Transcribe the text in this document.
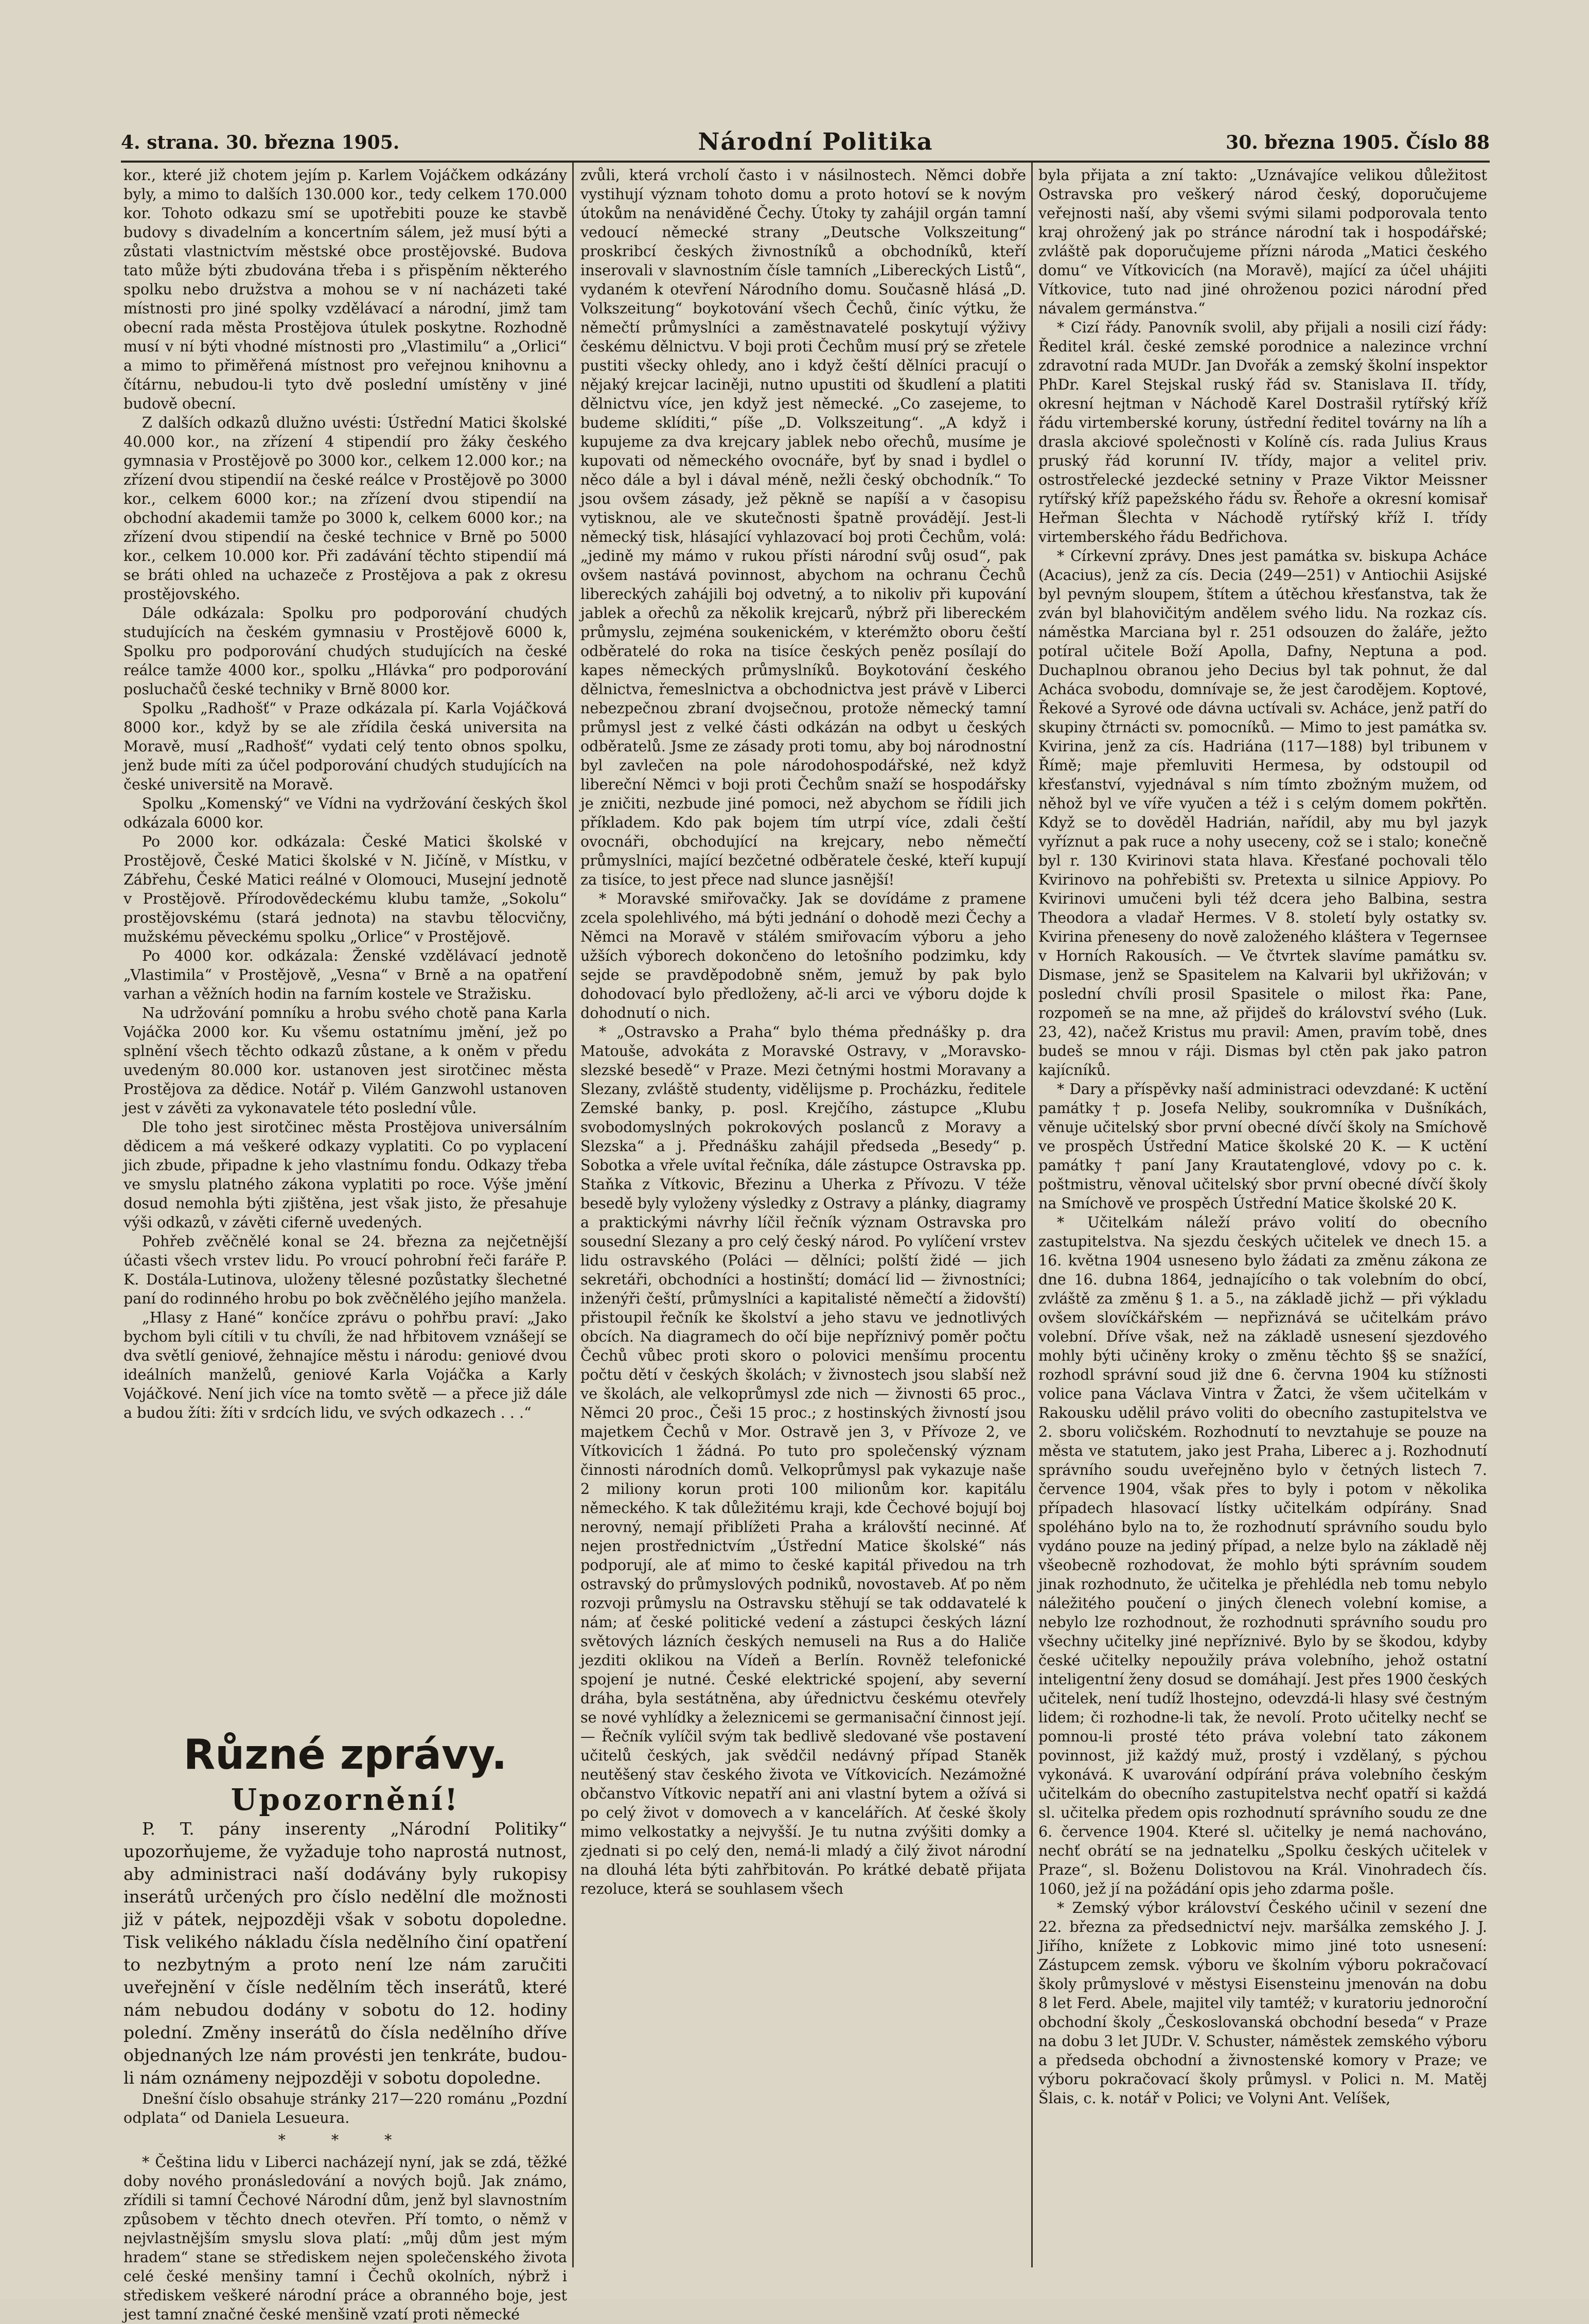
4. strana. 30. března 1905.	Národní Politika	30. března 1905. Číslo 88

kor., které již chotem jejím p. Karlem Vojáčkem odkázány byly, a mimo to dalších 130.000 kor., tedy celkem 170.000 kor. Tohoto odkazu smí se upotřebiti pouze ke stavbě budovy s divadelním a koncertním sálem, jež musí býti a zůstati vlastnictvím městské obce prostějovské. Budova tato může býti zbudována třeba i s přispěním některého spolku nebo družstva a mohou se v ní nacházeti také místnosti pro jiné spolky vzdělávací a národní, jimž tam obecní rada města Prostějova útulek poskytne. Rozhodně musí v ní býti vhodné místnosti pro „Vlastimilu“ a „Orlici“ a mimo to přiměřená místnost pro veřejnou knihovnu a čítárnu, nebudou-li tyto dvě poslední umístěny v jiné budově obecní.

Z dalších odkazů dlužno uvésti: Ústřední Matici školské 40.000 kor., na zřízení 4 stipendií pro žáky českého gymnasia v Prostějově po 3000 kor., celkem 12.000 kor.; na zřízení dvou stipendií na české reálce v Prostějově po 3000 kor., celkem 6000 kor.; na zřízení dvou stipendií na obchodní akademii tamže po 3000 k, celkem 6000 kor.; na zřízení dvou stipendií na české technice v Brně po 5000 kor., celkem 10.000 kor. Při zadávání těchto stipendií má se bráti ohled na uchazeče z Prostějova a pak z okresu prostějovského.

Dále odkázala: Spolku pro podporování chudých studujících na českém gymnasiu v Prostějově 6000 k, Spolku pro podporování chudých studujících na české reálce tamže 4000 kor., spolku „Hlávka“ pro podporování posluchačů české techniky v Brně 8000 kor.

Spolku „Radhošť“ v Praze odkázala pí. Karla Vojáčková 8000 kor., když by se ale zřídila česká universita na Moravě, musí „Radhošť“ vydati celý tento obnos spolku, jenž bude míti za účel podporování chudých studujících na české universitě na Moravě.

Spolku „Komenský“ ve Vídni na vydržování českých škol odkázala 6000 kor.

Po 2000 kor. odkázala: České Matici školské v Prostějově, České Matici školské v N. Jičíně, v Místku, v Zábřehu, České Matici reálné v Olomouci, Musejní jednotě v Prostějově. Přírodovědeckému klubu tamže, „Sokolu“ prostějovskému (stará jednota) na stavbu tělocvičny, mužskému pěveckému spolku „Orlice“ v Prostějově.

Po 4000 kor. odkázala: Ženské vzdělávací jednotě „Vlastimila“ v Prostějově, „Vesna“ v Brně a na opatření varhan a věžních hodin na farním kostele ve Stražisku.

Na udržování pomníku a hrobu svého chotě pana Karla Vojáčka 2000 kor. Ku všemu ostatnímu jmění, jež po splnění všech těchto odkazů zůstane, a k oněm v předu uvedeným 80.000 kor. ustanoven jest sirotčinec města Prostějova za dědice. Notář p. Vilém Ganzwohl ustanoven jest v závěti za vykonavatele této poslední vůle.

Dle toho jest sirotčinec města Prostějova universálním dědicem a má veškeré odkazy vyplatiti. Co po vyplacení jich zbude, připadne k jeho vlastnímu fondu. Odkazy třeba ve smyslu platného zákona vyplatiti po roce. Výše jmění dosud nemohla býti zjištěna, jest však jisto, že přesahuje výši odkazů, v závěti ciferně uvedených.

Pohřeb zvěčnělé konal se 24. března za nejčetnější účasti všech vrstev lidu. Po vroucí pohrobní řeči faráře P. K. Dostála-Lutinova, uloženy tělesné pozůstatky šlechetné paní do rodinného hrobu po bok zvěčnělého jejího manžela.

„Hlasy z Hané“ končíce zprávu o pohřbu praví: „Jako bychom byli cítili v tu chvíli, že nad hřbitovem vznášejí se dva světlí geniové, žehnajíce městu i národu: geniové dvou ideálních manželů, geniové Karla Vojáčka a Karly Vojáčkové. Není jich více na tomto světě — a přece již dále a budou žíti: žíti v srdcích lidu, ve svých odkazech . . .“

Různé zprávy.

Upozornění!

P. T. pány inserenty „Národní Politiky“ upozorňujeme, že vyžaduje toho naprostá nutnost, aby administraci naší dodávány byly rukopisy inserátů určených pro číslo nedělní dle možnosti již v pátek, nejpozději však v sobotu dopoledne. Tisk velikého nákladu čísla nedělního činí opatření to nezbytným a proto není lze nám zaručiti uveřejnění v čísle nedělním těch inserátů, které nám nebudou dodány v sobotu do 12. hodiny polední. Změny inserátů do čísla nedělního dříve objednaných lze nám provésti jen tenkráte, budou-li nám oznámeny nejpozději v sobotu dopoledne.

Dnešní číslo obsahuje stránky 217—220 románu „Pozdní odplata“ od Daniela Lesueura.

* * *

* Čeština lidu v Liberci nacházejí nyní, jak se zdá, těžké doby nového pronásledování a nových bojů. Jak známo, zřídili si tamní Čechové Národní dům, jenž byl slavnostním způsobem v těchto dnech otevřen. Pří tomto, o němž v nejvlastnějším smyslu slova platí: „můj dům jest mým hradem“ stane se střediskem nejen společenského života celé české menšiny tamní i Čechů okolních, nýbrž i střediskem veškeré národní práce a obranného boje, jest jest tamní značné české menšině vzatí proti německé

zvůli, která vrcholí často i v násilnostech. Němci dobře vystihují význam tohoto domu a proto hotoví se k novým útokům na nenáviděné Čechy. Útoky ty zahájil orgán tamní vedoucí německé strany „Deutsche Volkszeitung“ proskribcí českých živnostníků a obchodníků, kteří inserovali v slavnostním čísle tamních „Libereckých Listů“, vydaném k otevření Národního domu. Současně hlásá „D. Volkszeitung“ boykotování všech Čechů, činíc výtku, že němečtí průmyslníci a zaměstnavatelé poskytují výživy českému dělnictvu. V boji proti Čechům musí prý se zřetele pustiti všecky ohledy, ano i když čeští dělníci pracují o nějaký krejcar laciněji, nutno upustiti od škudlení a platiti dělnictvu více, jen když jest německé. „Co zasejeme, to budeme sklíditi,“ píše „D. Volkszeitung“. „A když i kupujeme za dva krejcary jablek nebo ořechů, musíme je kupovati od německého ovocnáře, byť by snad i bydlel o něco dále a byl i dával méně, nežli český obchodník.“ To jsou ovšem zásady, jež pěkně se napíší a v časopisu vytisknou, ale ve skutečnosti špatně provádějí. Jest-li německý tisk, hlásající vyhlazovací boj proti Čechům, volá: „jedině my mámo v rukou přísti národní svůj osud“, pak ovšem nastává povinnost, abychom na ochranu Čechů libereckých zahájili boj odvetný, a to nikoliv při kupování jablek a ořechů za několik krejcarů, nýbrž při libereckém průmyslu, zejména soukenickém, v kterémžto oboru čeští odběratelé do roka na tisíce českých peněz posílají do kapes německých průmyslníků. Boykotování českého dělnictva, řemeslnictva a obchodnictva jest právě v Liberci nebezpečnou zbraní dvojsečnou, protože německý tamní průmysl jest z velké části odkázán na odbyt u českých odběratelů. Jsme ze zásady proti tomu, aby boj národnostní byl zavlečen na pole národohospodářské, než když libereční Němci v boji proti Čechům snaží se hospodářsky je zničiti, nezbude jiné pomoci, než abychom se řídili jich příkladem. Kdo pak bojem tím utrpí více, zdali čeští ovocnáři, obchodující na krejcary, nebo němečtí průmyslníci, mající bezčetné odběratele české, kteří kupují za tisíce, to jest přece nad slunce jasnější!

* Moravské smiřovačky. Jak se dovídáme z pramene zcela spolehlivého, má býti jednání o dohodě mezi Čechy a Němci na Moravě v stálém smiřovacím výboru a jeho užších výborech dokončeno do letošního podzimku, kdy sejde se pravděpodobně sněm, jemuž by pak bylo dohodovací bylo předloženy, ač-li arci ve výboru dojde k dohodnutí o nich.

* „Ostravsko a Praha“ bylo théma přednášky p. dra Matouše, advokáta z Moravské Ostravy, v „Moravsko-slezské besedě“ v Praze. Mezi četnými hostmi Moravany a Slezany, zvláště studenty, vidělijsme p. Procházku, ředitele Zemské banky, p. posl. Krejčího, zástupce „Klubu svobodomyslných pokrokových poslanců z Moravy a Slezska“ a j. Přednášku zahájil předseda „Besedy“ p. Sobotka a vřele uvítal řečníka, dále zástupce Ostravska pp. Staňka z Vítkovic, Březinu a Uherka z Přívozu. V téže besedě byly vyloženy výsledky z Ostravy a plánky, diagramy a praktickými návrhy líčil řečník význam Ostravska pro sousední Slezany a pro celý český národ. Po vylíčení vrstev lidu ostravského (Poláci — dělníci; polští židé — jich sekretáři, obchodníci a hostinští; domácí lid — živnostníci; inženýři čeští, průmyslníci a kapitalisté němečtí a židovští) přistoupil řečník ke školství a jeho stavu ve jednotlivých obcích. Na diagramech do očí bije nepříznivý poměr počtu Čechů vůbec proti skoro o polovici menšímu procentu počtu dětí v českých školách; v živnostech jsou slabší než ve školách, ale velkoprůmysl zde nich — živnosti 65 proc., Němci 20 proc., Češi 15 proc.; z hostinských živností jsou majetkem Čechů v Mor. Ostravě jen 3, v Přívoze 2, ve Vítkovicích 1 žádná. Po tuto pro společenský význam činnosti národních domů. Velkoprůmysl pak vykazuje naše 2 miliony korun proti 100 milionům kor. kapitálu německého. K tak důležitému kraji, kde Čechové bojují boj nerovný, nemají přiblížeti Praha a královští necinné. Ať nejen prostřednictvím „Ústřední Matice školské“ nás podporují, ale ať mimo to české kapitál přivedou na trh ostravský do průmyslových podniků, novostaveb. Ať po něm rozvoji průmyslu na Ostravsku stěhují se tak oddavatelé k nám; ať české politické vedení a zástupci českých lázní světových lázních českých nemuseli na Rus a do Haliče jezditi oklikou na Vídeň a Berlín. Rovněž telefonické spojení je nutné. České elektrické spojení, aby severní dráha, byla sestátněna, aby úřednictvu českému otevřely se nové vyhlídky a železnicemi se germanisační činnost její. — Řečník vylíčil svým tak bedlivě sledované vše postavení učitelů českých, jak svědčil nedávný případ Staněk neutěšený stav českého života ve Vítkovicích. Nezámožné občanstvo Vítkovic nepatří ani ani vlastní bytem a ožívá si po celý život v domovech a v kancelářích. Ať české školy mimo velkostatky a nejvyšší. Je tu nutna zvýšiti domky a zjednati si po celý den, nemá-li mladý a čilý život národní na dlouhá léta býti zahřbitován. Po krátké debatě přijata rezoluce, která se souhlasem všech

byla přijata a zní takto: „Uznávajíce velikou důležitost Ostravska pro veškerý národ český, doporučujeme veřejnosti naší, aby všemi svými silami podporovala tento kraj ohrožený jak po stránce národní tak i hospodářské; zvláště pak doporučujeme přízni národa „Matici českého domu“ ve Vítkovicích (na Moravě), mající za účel uhájiti Vítkovice, tuto nad jiné ohroženou pozici národní před návalem germánstva.“

* Cizí řády. Panovník svolil, aby přijali a nosili cizí řády: Ředitel král. české zemské porodnice a nalezince vrchní zdravotní rada MUDr. Jan Dvořák a zemský školní inspektor PhDr. Karel Stejskal ruský řád sv. Stanislava II. třídy, okresní hejtman v Náchodě Karel Dostrašil rytířský kříž řádu virtemberské koruny, ústřední ředitel továrny na líh a drasla akciové společnosti v Kolíně cís. rada Julius Kraus pruský řád korunní IV. třídy, major a velitel priv. ostrostřelecké jezdecké setniny v Praze Viktor Meissner rytířský kříž papežského řádu sv. Řehoře a okresní komisař Heřman Šlechta v Náchodě rytířský kříž I. třídy virtemberského řádu Bedřichova.

* Církevní zprávy. Dnes jest památka sv. biskupa Acháce (Acacius), jenž za cís. Decia (249—251) v Antiochii Asijské byl pevným sloupem, štítem a útěchou křesťanstva, tak že zván byl blahovičitým andělem svého lidu. Na rozkaz cís. náměstka Marciana byl r. 251 odsouzen do žaláře, ježto potíral učitele Boží Apolla, Dafny, Neptuna a pod. Duchaplnou obranou jeho Decius byl tak pohnut, že dal Acháca svobodu, domnívaje se, že jest čarodějem. Koptové, Řekové a Syrové ode dávna uctívali sv. Acháce, jenž patří do skupiny čtrnácti sv. pomocníků. — Mimo to jest památka sv. Kvirina, jenž za cís. Hadriána (117—188) byl tribunem v Římě; maje přemluviti Hermesa, by odstoupil od křesťanství, vyjednával s ním tímto zbožným mužem, od něhož byl ve víře vyučen a též i s celým domem pokřtěn. Když se to dověděl Hadrián, nařídil, aby mu byl jazyk vyříznut a pak ruce a nohy useceny, což se i stalo; konečně byl r. 130 Kvirinovi stata hlava. Křesťané pochovali tělo Kvirinovo na pohřebišti sv. Pretexta u silnice Appiovy. Po Kvirinovi umučeni byli též dcera jeho Balbina, sestra Theodora a vladař Hermes. V 8. století byly ostatky sv. Kvirina přeneseny do nově založeného kláštera v Tegernsee v Horních Rakousích. — Ve čtvrtek slavíme památku sv. Dismase, jenž se Spasitelem na Kalvarii byl ukřižován; v poslední chvíli prosil Spasitele o milost řka: Pane, rozpomeň se na mne, až přijdeš do království svého (Luk. 23, 42), načež Kristus mu pravil: Amen, pravím tobě, dnes budeš se mnou v ráji. Dismas byl ctěn pak jako patron kajícníků.

* Dary a příspěvky naší administraci odevzdané: K uctění památky † p. Josefa Neliby, soukromníka v Dušníkách, věnuje učitelský sbor první obecné dívčí školy na Smíchově ve prospěch Ústřední Matice školské 20 K. — K uctění památky † paní Jany Krautatenglové, vdovy po c. k. poštmistru, věnoval učitelský sbor první obecné dívčí školy na Smíchově ve prospěch Ústřední Matice školské 20 K.

* Učitelkám náleží právo volití do obecního zastupitelstva. Na sjezdu českých učitelek ve dnech 15. a 16. května 1904 usneseno bylo žádati za změnu zákona ze dne 16. dubna 1864, jednajícího o tak volebním do obcí, zvláště za změnu § 1. a 5., na základě jichž — při výkladu ovšem slovíčkářském — nepřiznává se učitelkám právo volební. Dříve však, než na základě usnesení sjezdového mohly býti učiněny kroky o změnu těchto §§ se snažící, rozhodl správní soud již dne 6. června 1904 ku stížnosti volice pana Václava Vintra v Žatci, že všem učitelkám v Rakousku udělil právo voliti do obecního zastupitelstva ve 2. sboru voličském. Rozhodnutí to nevztahuje se pouze na města ve statutem, jako jest Praha, Liberec a j. Rozhodnutí správního soudu uveřejněno bylo v četných listech 7. července 1904, však přes to byly i potom v několika případech hlasovací lístky učitelkám odpírány. Snad spoléháno bylo na to, že rozhodnutí správního soudu bylo vydáno pouze na jediný případ, a nelze bylo na základě něj všeobecně rozhodovat, že mohlo býti správním soudem jinak rozhodnuto, že učitelka je přehlédla neb tomu nebylo náležitého poučení o jiných členech volební komise, a nebylo lze rozhodnout, že rozhodnuti správního soudu pro všechny učitelky jiné nepříznivé. Bylo by se škodou, kdyby české učitelky nepoužily práva volebního, jehož ostatní inteligentní ženy dosud se domáhají. Jest přes 1900 českých učitelek, není tudíž lhostejno, odevzdá-li hlasy své čestným lidem; či rozhodne-li tak, že nevolí. Proto učitelky nechť se pomnou-li prosté této práva volební tato zákonem povinnost, již každý muž, prostý i vzdělaný, s pýchou vykonává. K uvarování odpírání práva volebního českým učitelkám do obecního zastupitelstva nechť opatří si každá sl. učitelka předem opis rozhodnutí správního soudu ze dne 6. července 1904. Které sl. učitelky je nemá nachováno, nechť obrátí se na jednatelku „Spolku českých učitelek v Praze“, sl. Boženu Dolistovou na Král. Vinohradech čís. 1060, jež jí na požádání opis jeho zdarma pošle.

* Zemský výbor království Českého učinil v sezení dne 22. března za předsednictví nejv. maršálka zemského J. J. Jiřího, knížete z Lobkovic mimo jiné toto usnesení: Zástupcem zemsk. výboru ve školním výboru pokračovací školy průmyslové v městysi Eisensteinu jmenován na dobu 8 let Ferd. Abele, majitel vily tamtéž; v kuratoriu jednoroční obchodní školy „Českoslovanská obchodní beseda“ v Praze na dobu 3 let JUDr. V. Schuster, náměstek zemského výboru a předseda obchodní a živnostenské komory v Praze; ve výboru pokračovací školy průmysl. v Polici n. M. Matěj Šlais, c. k. notář v Polici; ve Volyni Ant. Velíšek,
